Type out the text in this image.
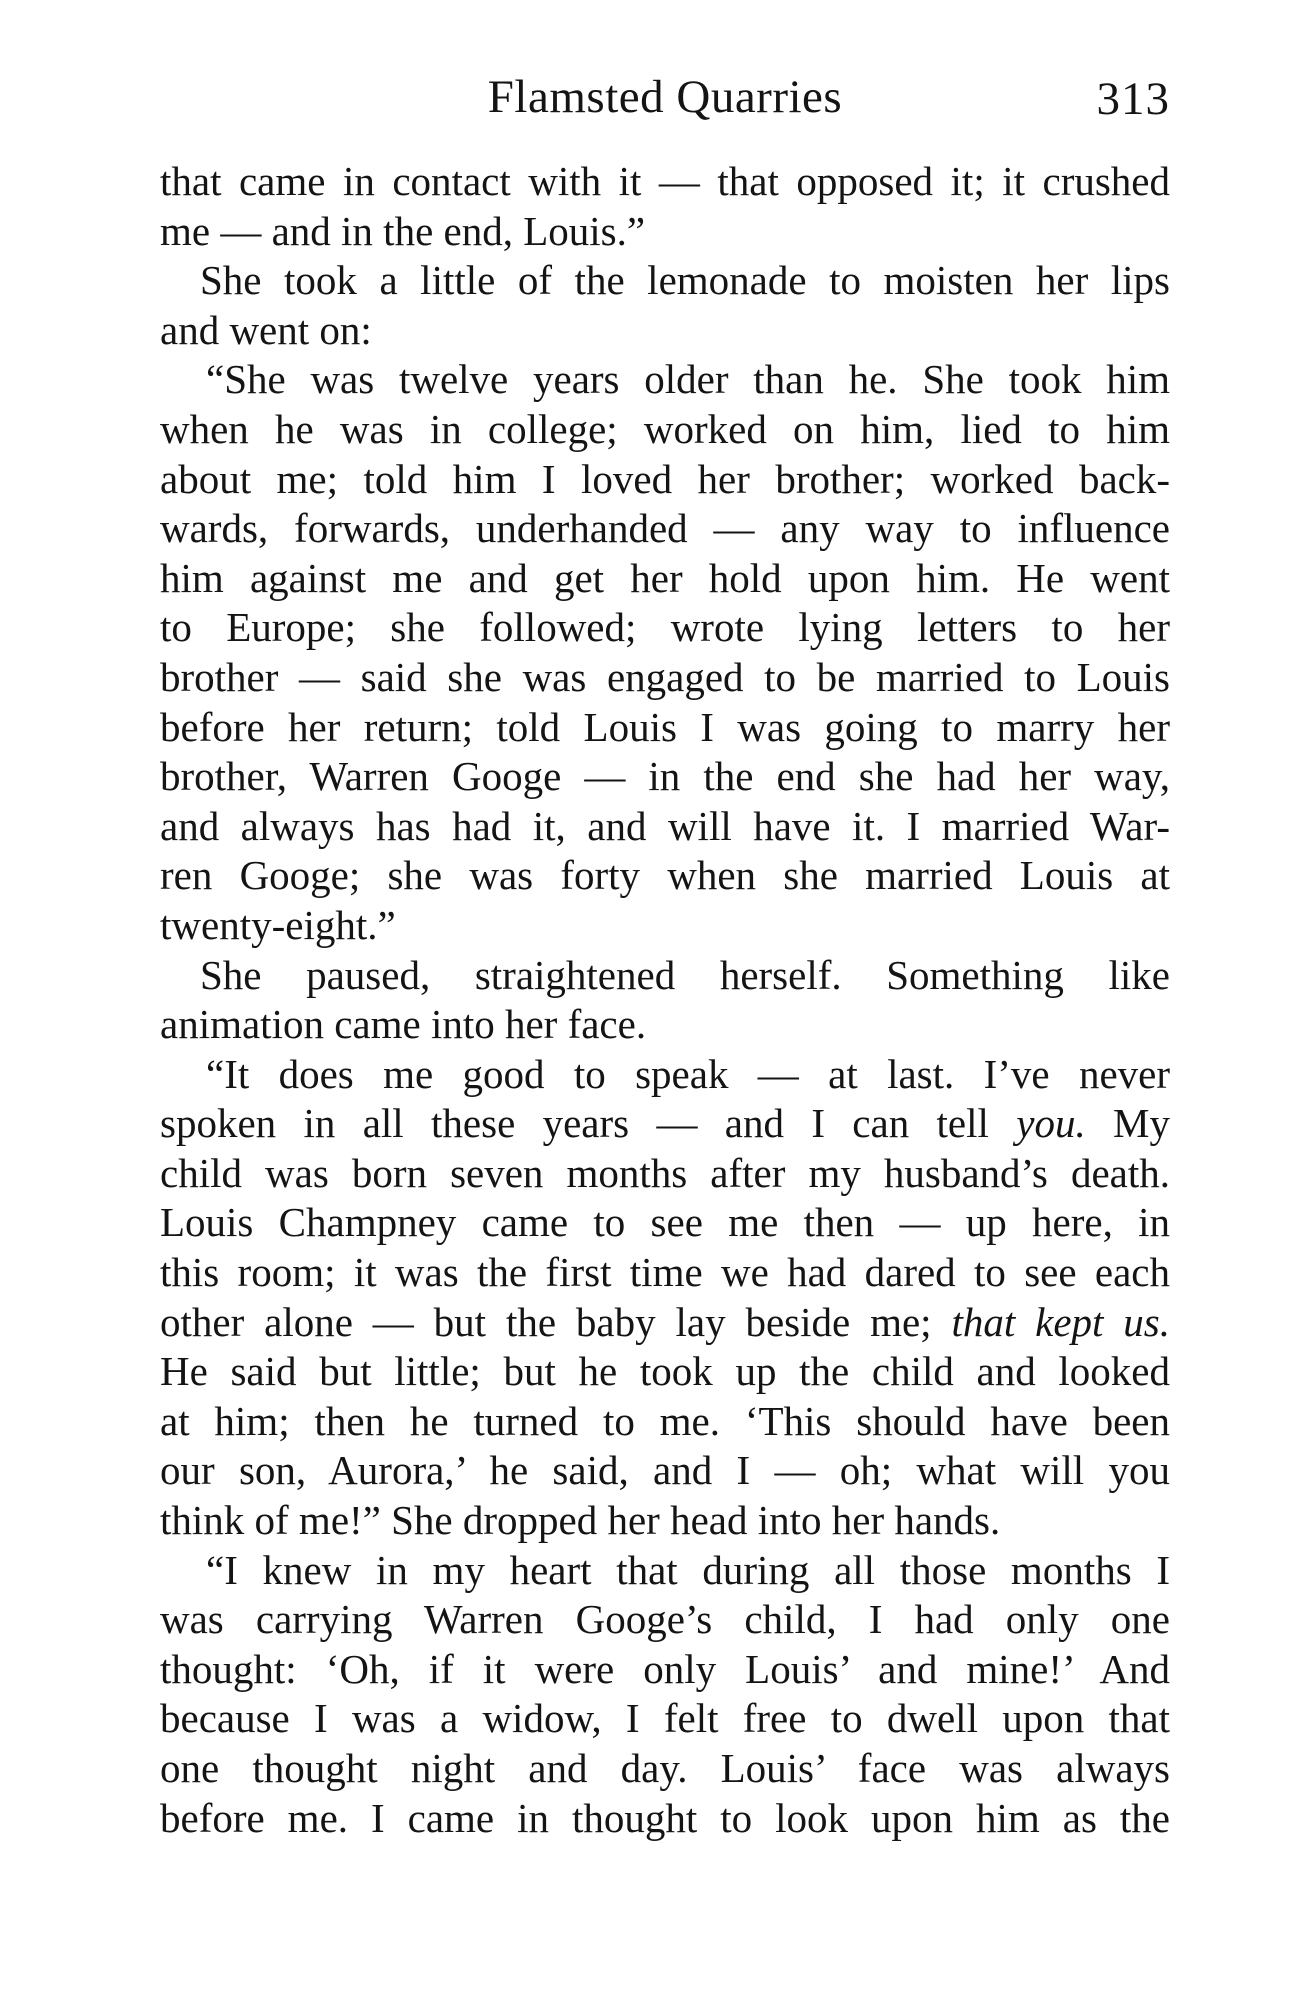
Flamsted Quarries	313
that came in contact with it — that opposed it; it crushed
me — and in the end, Louis.”
She took a little of the lemonade to moisten her lips
and went on:
“She was twelve years older than he. She took him
when he was in college; worked on him, lied to him
about me; told him I loved her brother; worked back-
wards, forwards, underhanded — any way to influence
him against me and get her hold upon him. He went
to Europe; she followed; wrote lying letters to her
brother — said she was engaged to be married to Louis
before her return; told Louis I was going to marry her
brother, Warren Googe — in the end she had her way,
and always has had it, and will have it. I married War-
ren Googe; she was forty when she married Louis at
twenty-eight.”
She paused, straightened herself. Something like
animation came into her face.
“It does me good to speak — at last. I’ve never
spoken in all these years — and I can tell you. My
child was born seven months after my husband’s death.
Louis Champney came to see me then — up here, in
this room; it was the first time we had dared to see each
other alone — but the baby lay beside me; that kept us.
He said but little; but he took up the child and looked
at him; then he turned to me. ‘This should have been
our son, Aurora,’ he said, and I — oh; what will you
think of me!” She dropped her head into her hands.
“I knew in my heart that during all those months I
was carrying Warren Googe’s child, I had only one
thought: ‘Oh, if it were only Louis’ and mine!’ And
because I was a widow, I felt free to dwell upon that
one thought night and day. Louis’ face was always
before me. I came in thought to look upon him as the
